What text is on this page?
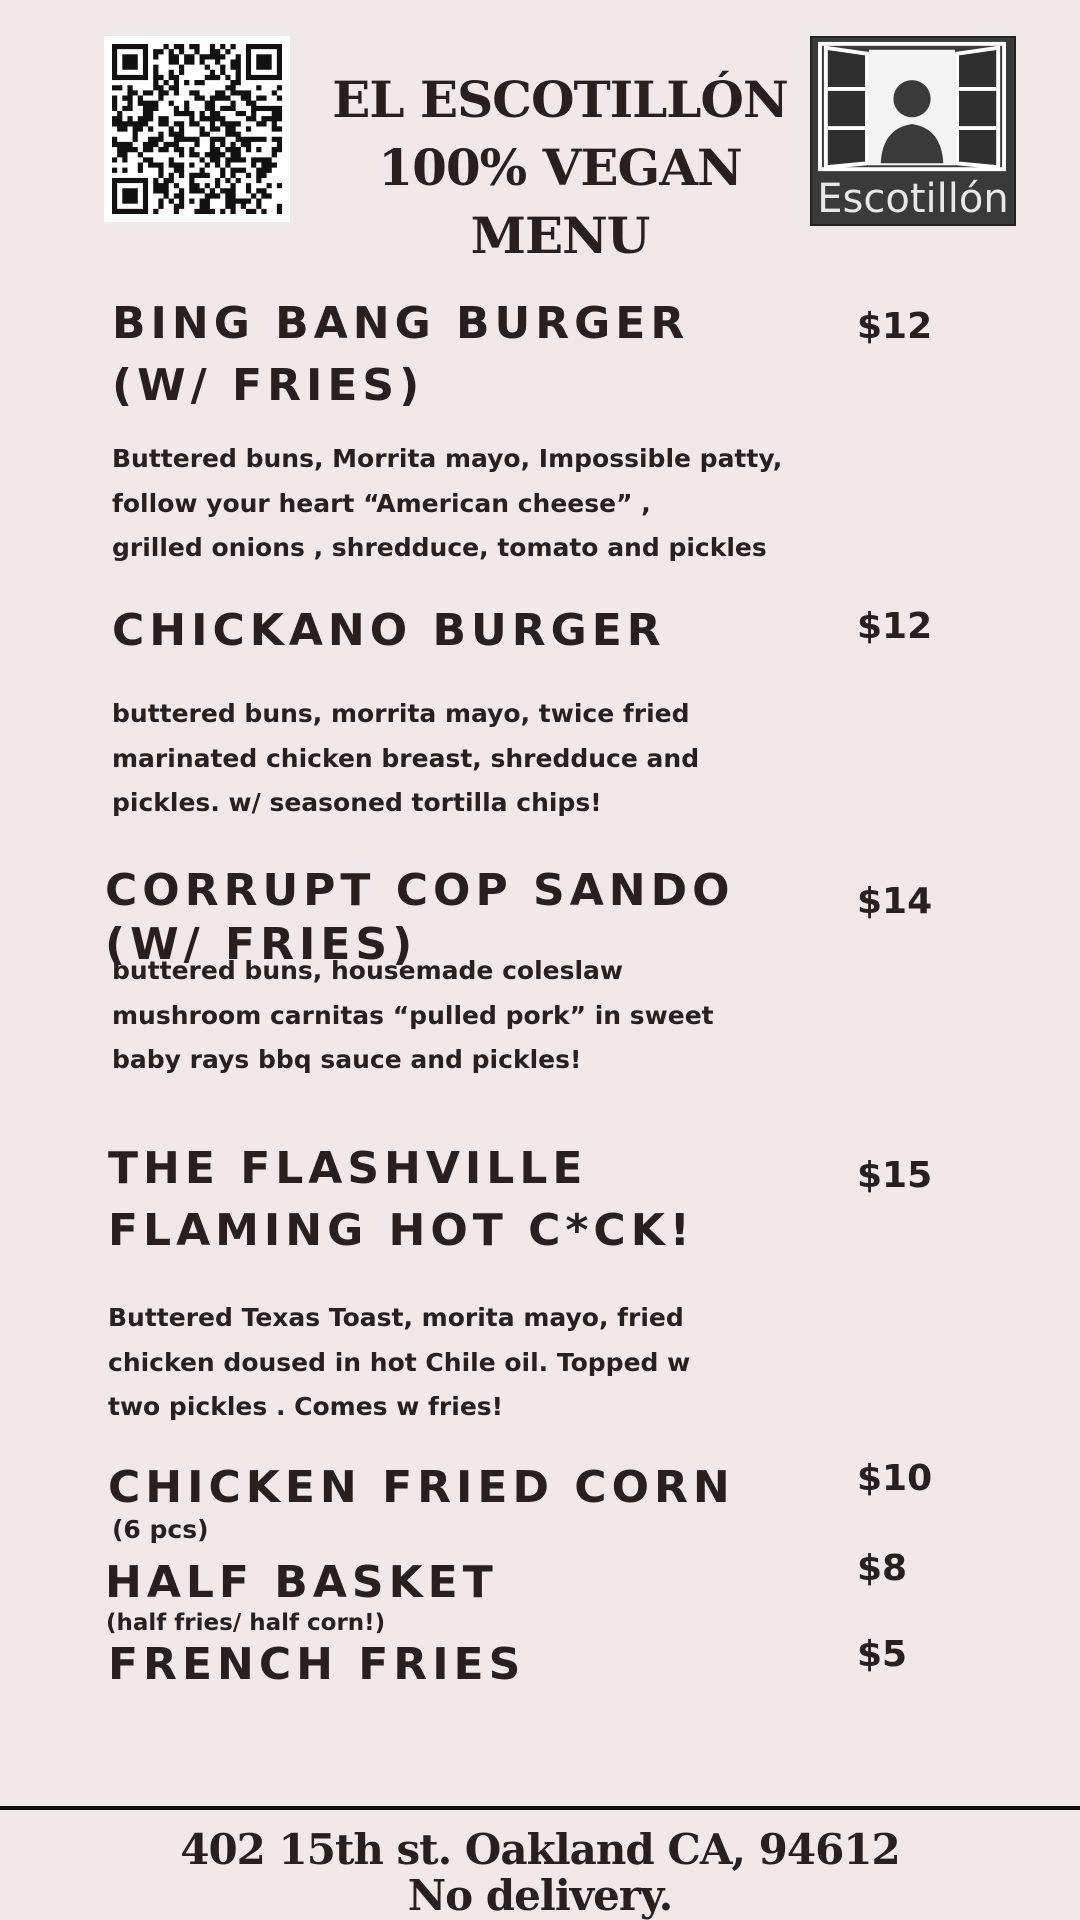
EL ESCOTILLÓN
100% VEGAN MENU
Escotillón
BING BANG BURGER
(W/ FRIES)
$12
Buttered buns, Morrita mayo, Impossible patty,
follow your heart “American cheese” ,
grilled onions , shredduce, tomato and pickles
CHICKANO BURGER	$12
buttered buns, morrita mayo, twice fried
marinated chicken breast, shredduce and
pickles. w/ seasoned tortilla chips!
CORRUPT COP SANDO
(W/ FRIES)
$14
buttered buns, housemade coleslaw
mushroom carnitas “pulled pork” in sweet
baby rays bbq sauce and pickles!
THE FLASHVILLE
FLAMING HOT C*CK!
$15
Buttered Texas Toast, morita mayo, fried
chicken doused in hot Chile oil. Topped w
two pickles . Comes w fries!
CHICKEN FRIED CORN
(6 pcs)
$10
HALF BASKET
(half fries/ half corn!)
$8
FRENCH FRIES	$5
402 15th st. Oakland CA, 94612
No delivery.
